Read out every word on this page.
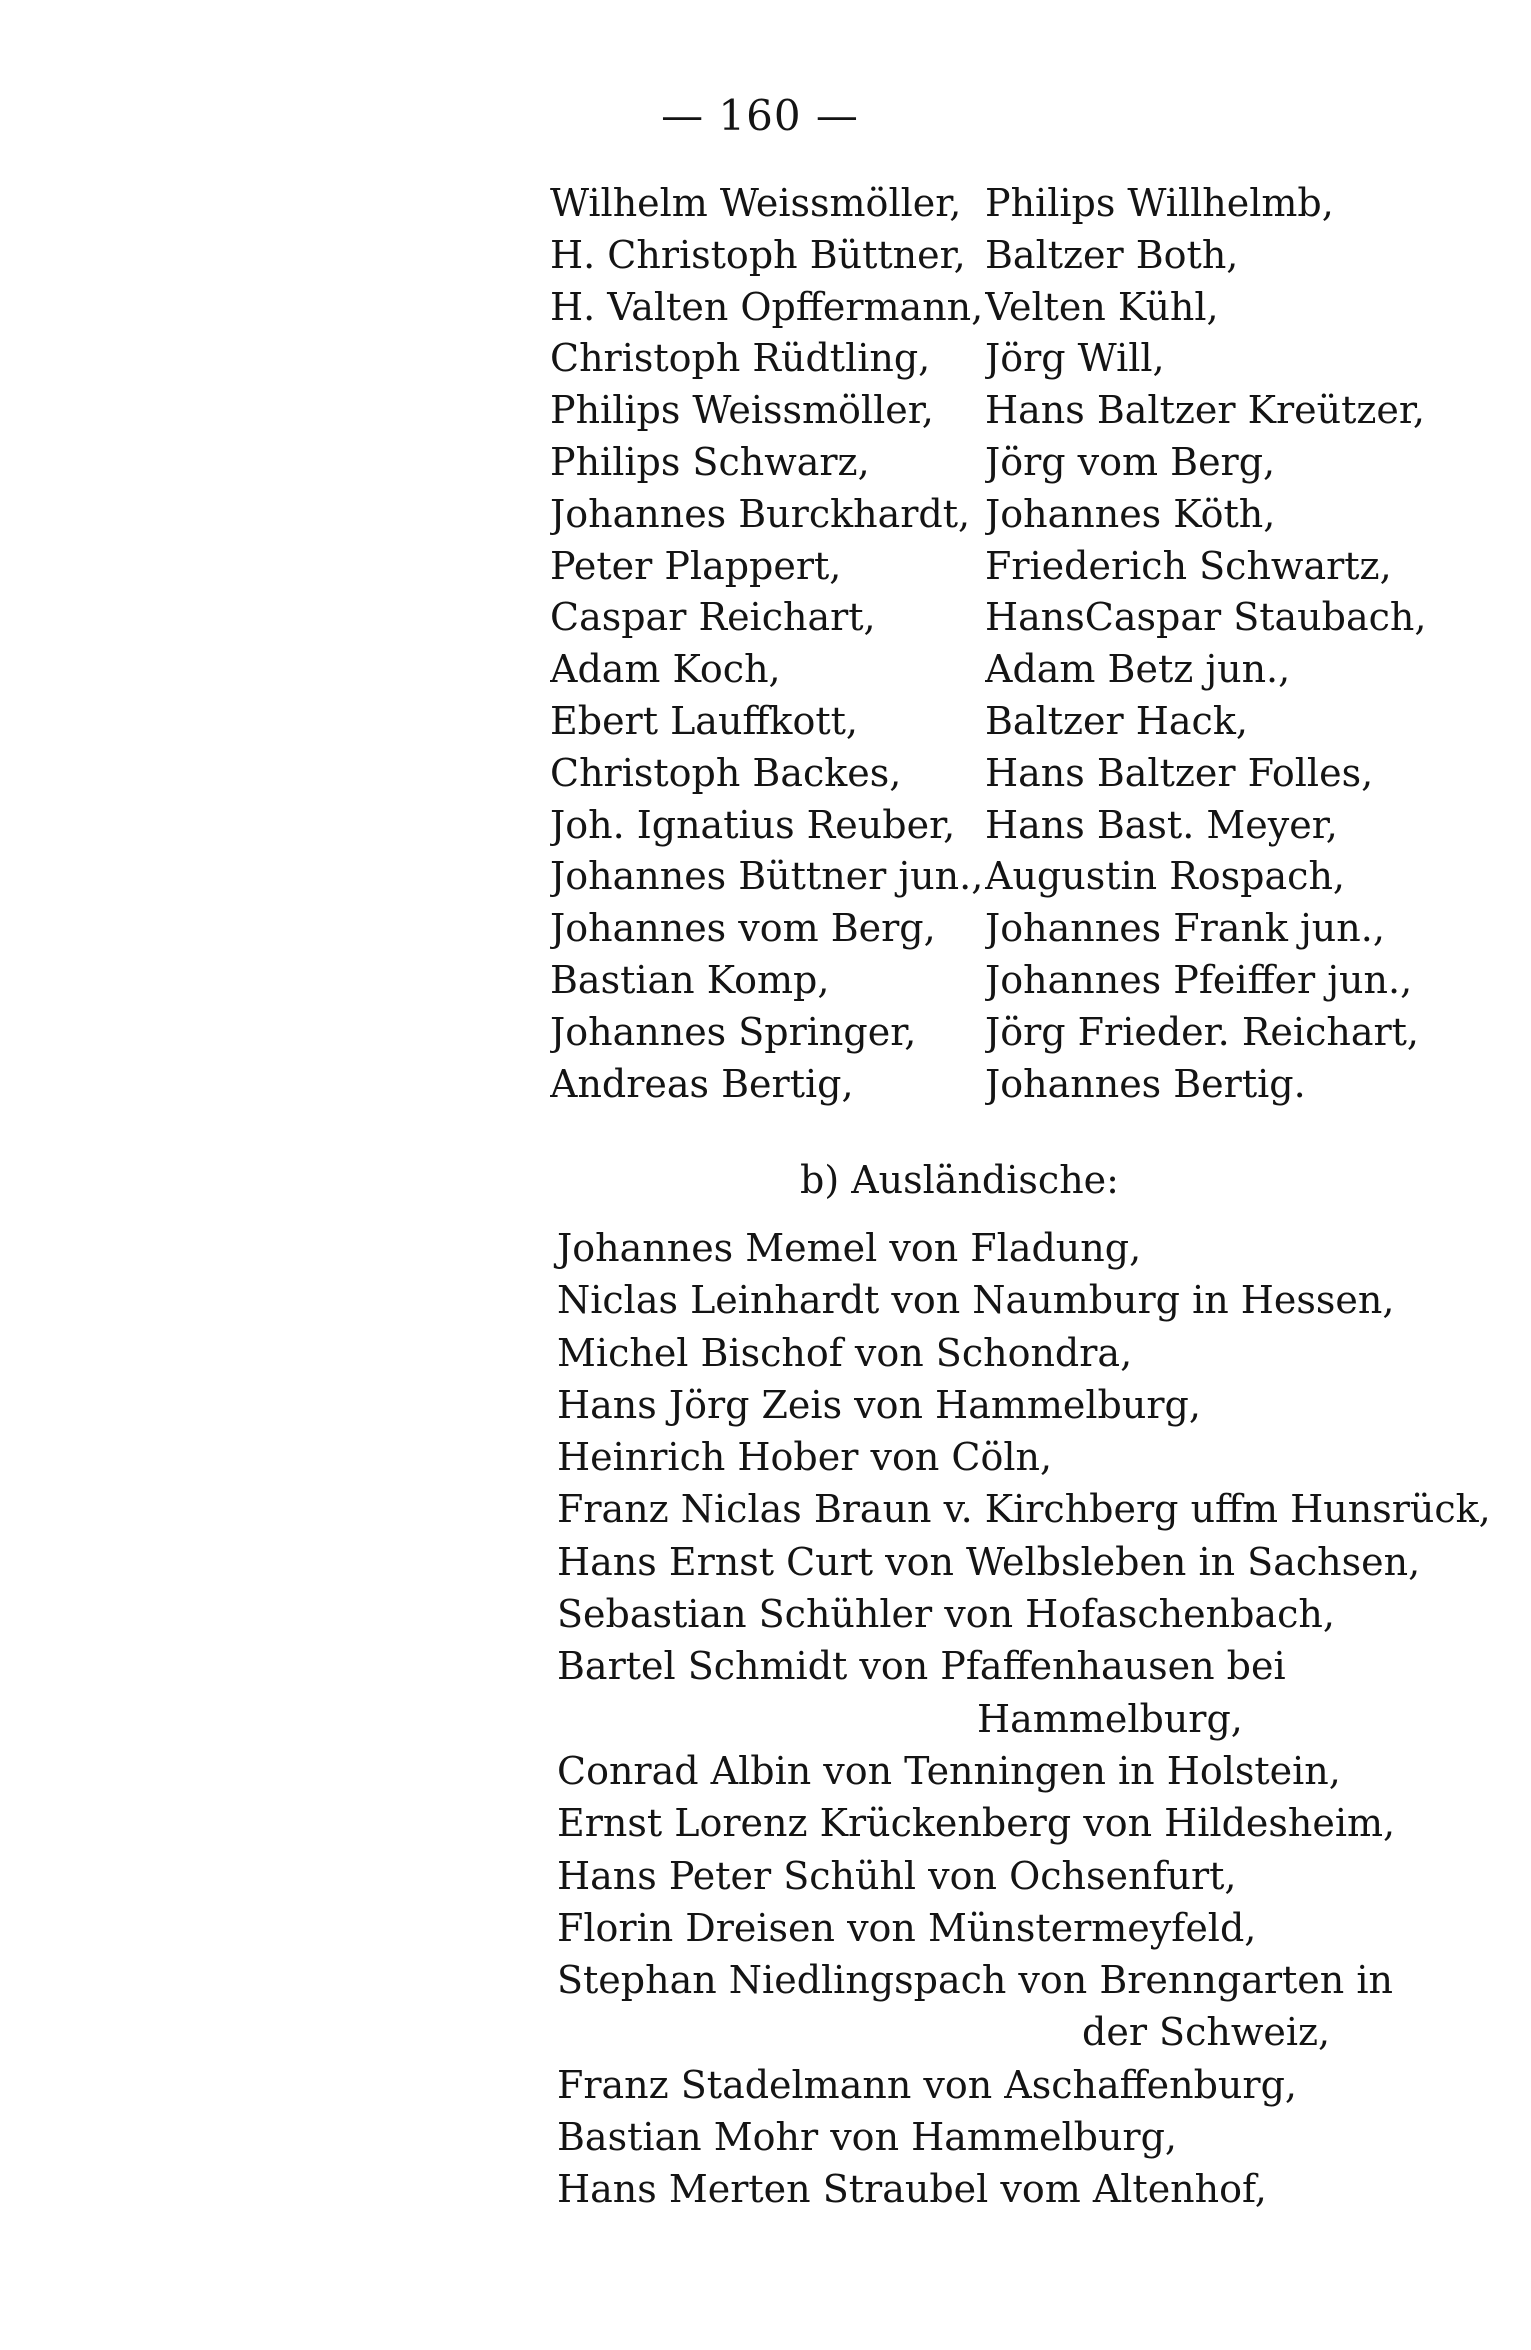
— 160 —
Wilhelm Weissmöller, Philips Willhelmb,
H. Christoph Büttner, Baltzer Both,
H. Valten Opffermann, Velten Kühl,
Christoph Rüdtling,	Jörg Will,
Philips Weissmöller,	Hans Baltzer Kreützer,
Philips Schwarz,	Jörg vom Berg,
Johannes Burckhardt, Johannes Köth,
Peter Plappert,	Friederich Schwartz,
Caspar Reichart,	HansCaspar Staubach,
Adam Koch,	Adam Betz jun.,
Ebert Lauffkott,	Baltzer Hack,
Christoph Backes,	Hans Baltzer Folles,
Joh. Ignatius Reuber, Hans Bast. Meyer,
Johannes Büttner jun., Augustin Rospach,
Johannes vom Berg,	Johannes Frank jun.,
Bastian Komp,	Johannes Pfeiffer jun.,
Johannes Springer,	Jörg Frieder. Reichart,
Andreas Bertig,	Johannes Bertig.
b) Ausländische:
Johannes Memel von Fladung,
Niclas Leinhardt von Naumburg in Hessen,
Michel Bischof von Schondra,
Hans Jörg Zeis von Hammelburg,
Heinrich Hober von Cöln,
Franz Niclas Braun v. Kirchberg uffm Hunsrück,
Hans Ernst Curt von Welbsleben in Sachsen,
Sebastian Schühler von Hofaschenbach,
Bartel Schmidt von Pfaffenhausen bei
Hammelburg,
Conrad Albin von Tenningen in Holstein,
Ernst Lorenz Krückenberg von Hildesheim,
Hans Peter Schühl von Ochsenfurt,
Florin Dreisen von Münstermeyfeld,
Stephan Niedlingspach von Brenngarten in
der Schweiz,
Franz Stadelmann von Aschaffenburg,
Bastian Mohr von Hammelburg,
Hans Merten Straubel vom Altenhof,
